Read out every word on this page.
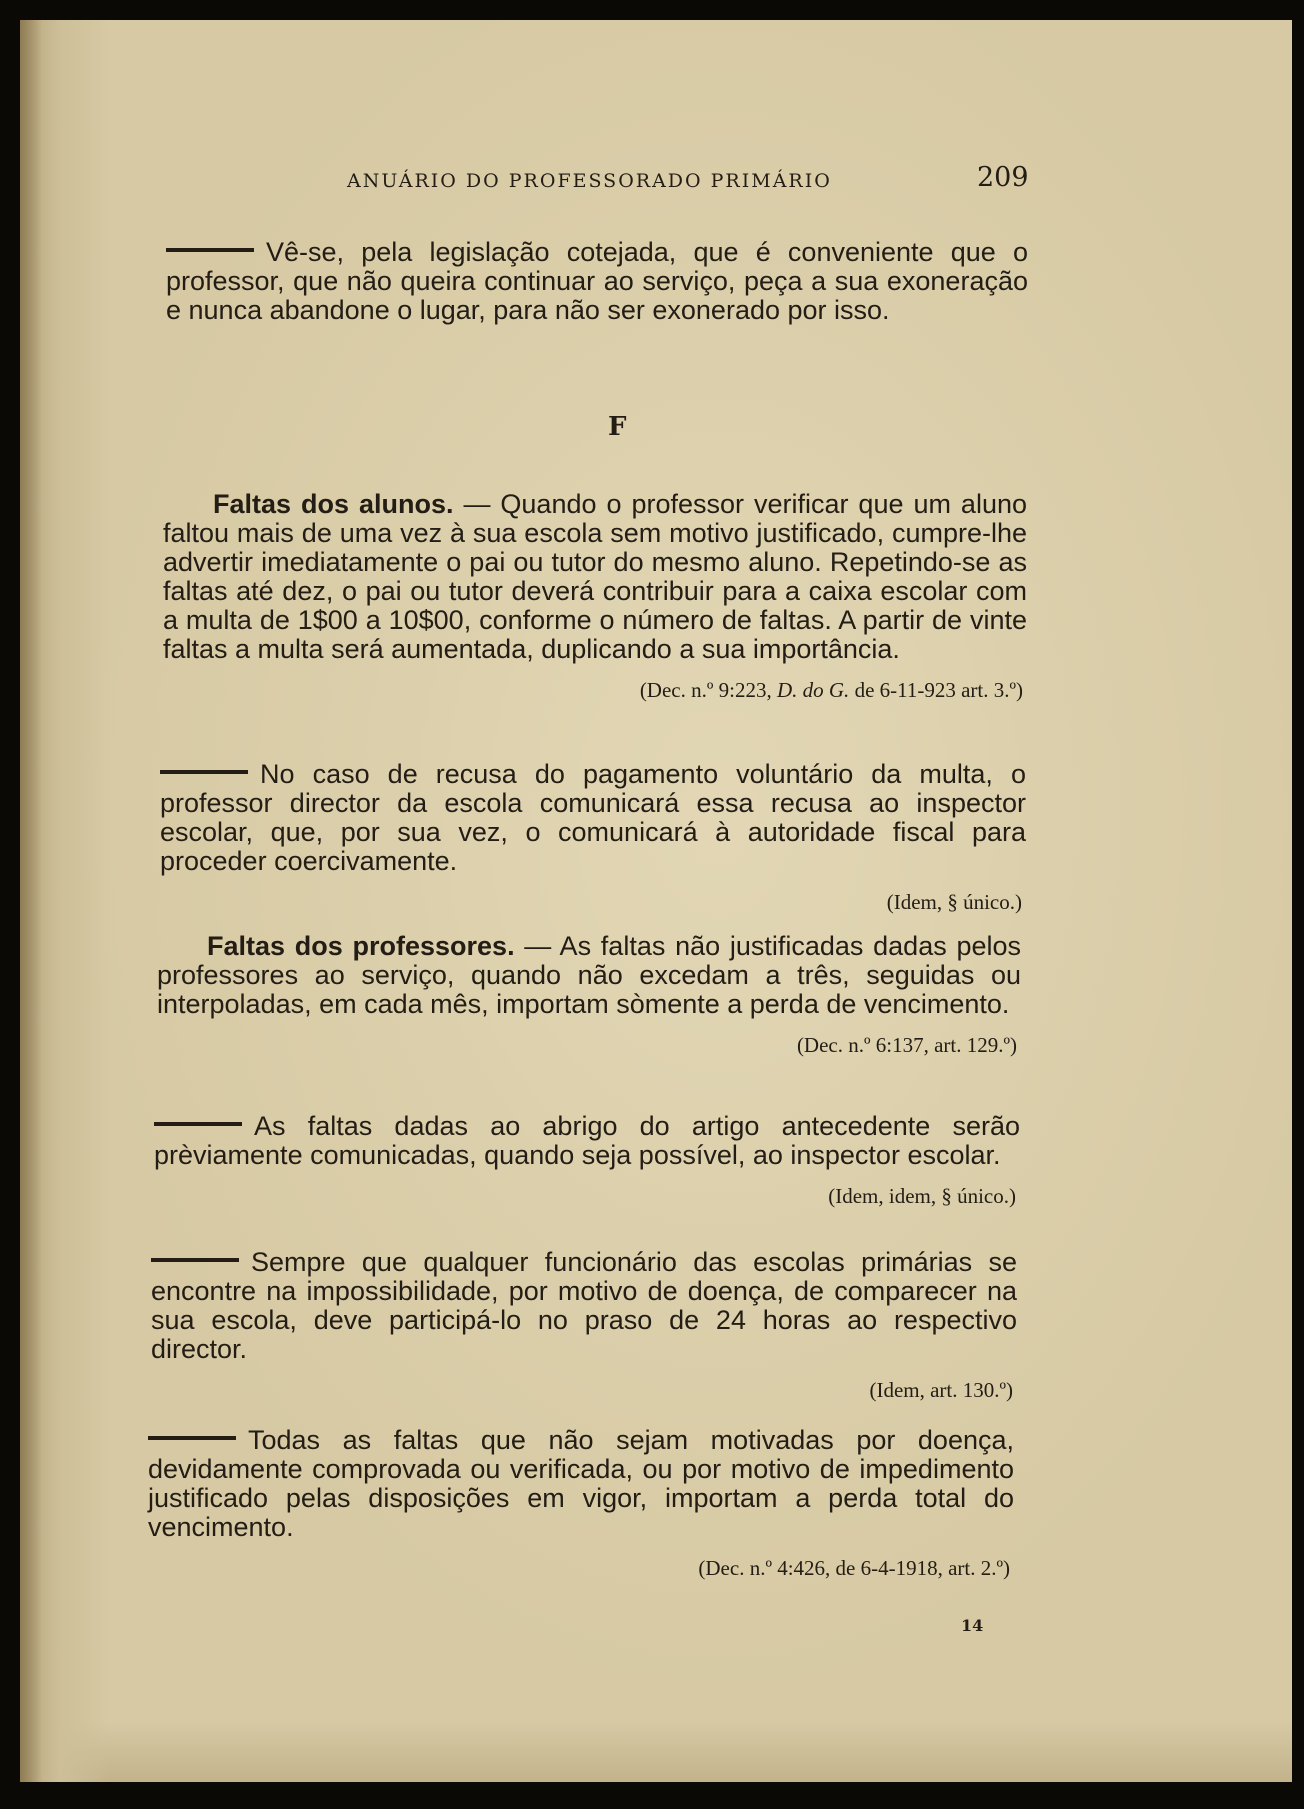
ANUÁRIO DO PROFESSORADO PRIMÁRIO	209

Vê-se, pela legislação cotejada, que é conveniente que o professor, que não queira continuar ao serviço, peça a sua exoneração e nunca abandone o lugar, para não ser exonerado por isso.

F

Faltas dos alunos. — Quando o professor verificar que um aluno faltou mais de uma vez à sua escola sem motivo justificado, cumpre-lhe advertir imediatamente o pai ou tutor do mesmo aluno. Repetindo-se as faltas até dez, o pai ou tutor deverá contribuir para a caixa escolar com a multa de 1$00 a 10$00, conforme o número de faltas. A partir de vinte faltas a multa será aumentada, duplicando a sua importância.

(Dec. n.º 9:223, D. do G. de 6-11-923 art. 3.º)

No caso de recusa do pagamento voluntário da multa, o professor director da escola comunicará essa recusa ao inspector escolar, que, por sua vez, o comunicará à autoridade fiscal para proceder coercivamente.

(Idem, § único.)

Faltas dos professores. — As faltas não justificadas dadas pelos professores ao serviço, quando não excedam a três, seguidas ou interpoladas, em cada mês, importam sòmente a perda de vencimento.

(Dec. n.º 6:137, art. 129.º)

As faltas dadas ao abrigo do artigo antecedente serão prèviamente comunicadas, quando seja possível, ao inspector escolar.

(Idem, idem, § único.)

Sempre que qualquer funcionário das escolas primárias se encontre na impossibilidade, por motivo de doença, de comparecer na sua escola, deve participá-lo no praso de 24 horas ao respectivo director.

(Idem, art. 130.º)

Todas as faltas que não sejam motivadas por doença, devidamente comprovada ou verificada, ou por motivo de impedimento justificado pelas disposições em vigor, importam a perda total do vencimento.

(Dec. n.º 4:426, de 6-4-1918, art. 2.º)

14
